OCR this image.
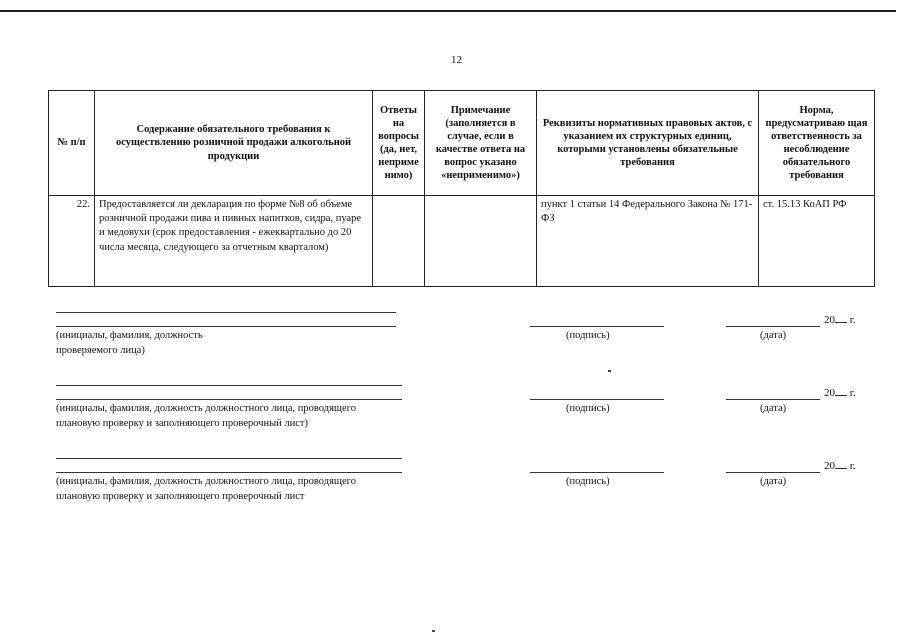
12
№ п/п	Содержание обязательного требования к осуществлению розничной продажи алкогольной продукции	Ответы на вопросы (да, нет, неприме нимо)	Примечание (заполняется в случае, если в качестве ответа на вопрос указано «неприменимо»)	Реквизиты нормативных правовых актов, с указанием их структурных единиц, которыми установлены обязательные требования	Норма, предусматриваю щая ответственность за несоблюдение обязательного требования
22.	Предоставляется ли декларация по форме №8 об объеме розничной продажи пива и пивных напитков, сидра, пуаре и медовухи (срок предоставления - ежеквартально до 20 числа месяца, следующего за отчетным кварталом)			пункт 1 статьи 14 Федерального Закона № 171-ФЗ	ст. 15.13 КоАП РФ
20 г.
(инициалы, фамилия, должность
проверяемого лица)
(подпись)	(дата)
20 г.
(инициалы, фамилия, должность должностного лица, проводящего
плановую проверку и заполняющего проверочный лист)
(подпись)	(дата)
20 г.
(инициалы, фамилия, должность должностного лица, проводящего
плановую проверку и заполняющего проверочный лист
(подпись)	(дата)
